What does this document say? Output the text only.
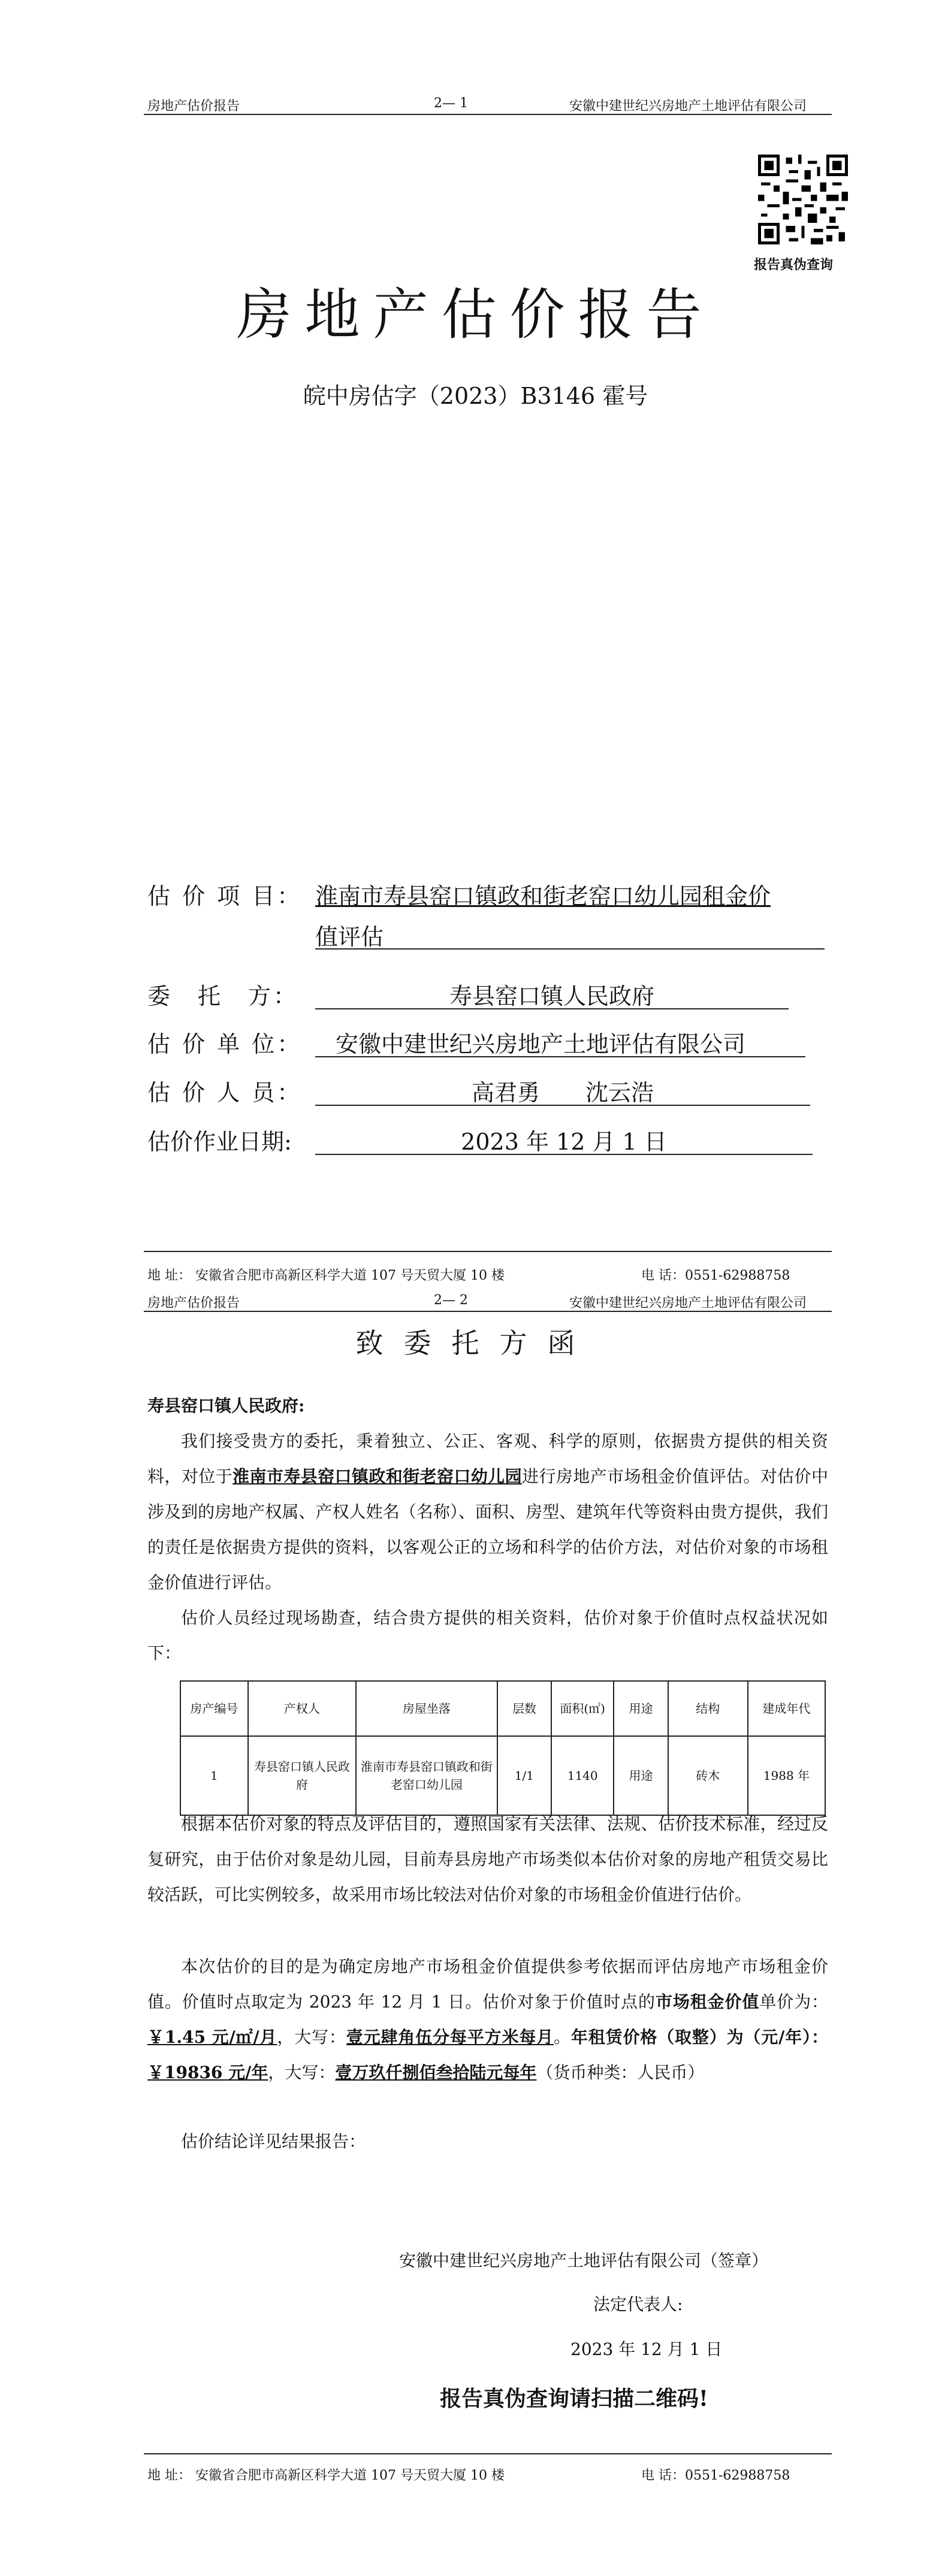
房地产估价报告	2— 1	安徽中建世纪兴房地产土地评估有限公司
报告真伪查询
房地产估价报告
皖中房估字（2023）B3146 霍号
估 价 项 目： 淮南市寿县窑口镇政和街老窑口幼儿园租金价
值评估
委　托　方：	寿县窑口镇人民政府
估 价 单 位： 安徽中建世纪兴房地产土地评估有限公司
估 价 人 员：	高君勇　　沈云浩
估价作业日期:	2023 年 12 月 1 日
地 址： 安徽省合肥市高新区科学大道 107 号天贸大厦 10 楼	电 话：0551-62988758
房地产估价报告	2— 2	安徽中建世纪兴房地产土地评估有限公司
致委托方函
寿县窑口镇人民政府:

我们接受贵方的委托，秉着独立、公正、客观、科学的原则，依据贵方提供的相关资料，对位于淮南市寿县窑口镇政和街老窑口幼儿园进行房地产市场租金价值评估。对估价中涉及到的房地产权属、产权人姓名（名称）、面积、房型、建筑年代等资料由贵方提供，我们的责任是依据贵方提供的资料，以客观公正的立场和科学的估价方法，对估价对象的市场租金价值进行评估。

估价人员经过现场勘查，结合贵方提供的相关资料，估价对象于价值时点权益状况如下：

房产编号	产权人	房屋坐落	层数	面积(㎡)	用途	结构	建成年代
1	寿县窑口镇人民政府	淮南市寿县窑口镇政和街老窑口幼儿园	1/1	1140	用途	砖木	1988 年

根据本估价对象的特点及评估目的，遵照国家有关法律、法规、估价技术标准，经过反复研究，由于估价对象是幼儿园，目前寿县房地产市场类似本估价对象的房地产租赁交易比较活跃，可比实例较多，故采用市场比较法对估价对象的市场租金价值进行估价。

本次估价的目的是为确定房地产市场租金价值提供参考依据而评估房地产市场租金价值。价值时点取定为 2023 年 12 月 1 日。估价对象于价值时点的市场租金价值单价为：￥1.45 元/㎡/月，大写：壹元肆角伍分每平方米每月。年租赁价格（取整）为（元/年）：￥19836 元/年，大写：壹万玖仟捌佰叁拾陆元每年（货币种类：人民币）

估价结论详见结果报告：

安徽中建世纪兴房地产土地评估有限公司（签章）
法定代表人:
2023 年 12 月 1 日
报告真伪查询请扫描二维码!
地 址： 安徽省合肥市高新区科学大道 107 号天贸大厦 10 楼	电 话：0551-62988758
